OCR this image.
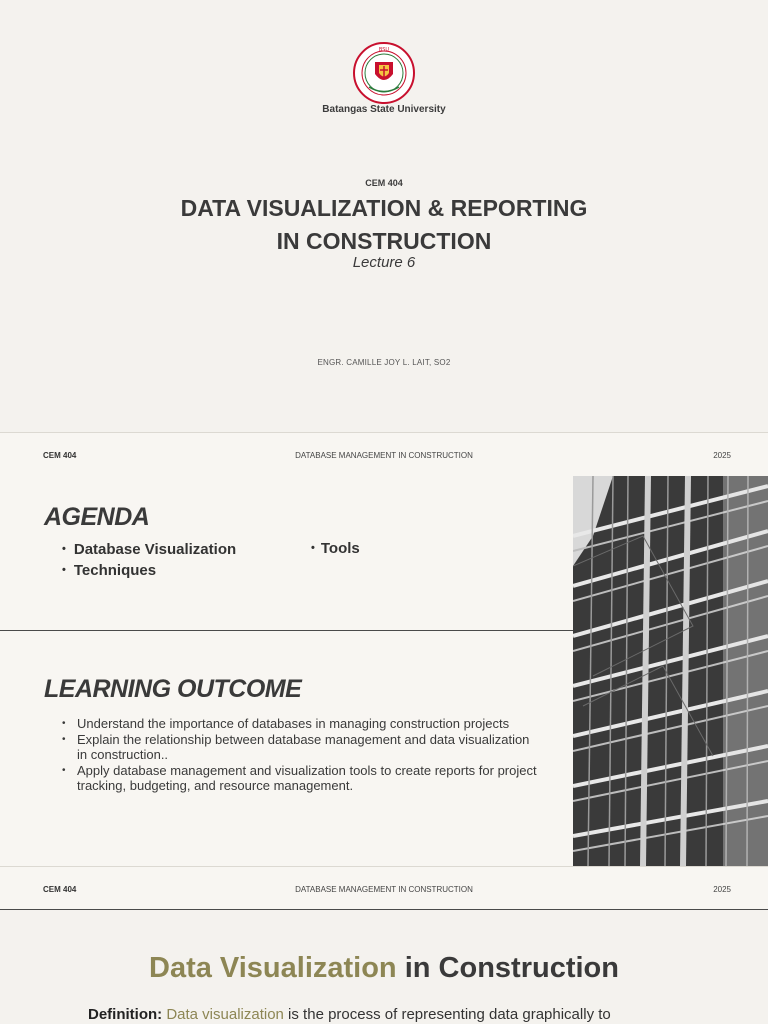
BSU
Batangas State University
CEM 404
DATA VISUALIZATION & REPORTING
IN CONSTRUCTION
Lecture 6
ENGR. CAMILLE JOY L. LAIT, SO2
CEM 404	DATABASE MANAGEMENT IN CONSTRUCTION	2025
AGENDA
• Database Visualization
• Techniques
• Tools
LEARNING OUTCOME
• Understand the importance of databases in managing construction projects
• Explain the relationship between database management and data visualization in construction..
• Apply database management and visualization tools to create reports for project tracking, budgeting, and resource management.
CEM 404	DATABASE MANAGEMENT IN CONSTRUCTION	2025
Data Visualization in Construction
Definition: Data visualization is the process of representing data graphically to
